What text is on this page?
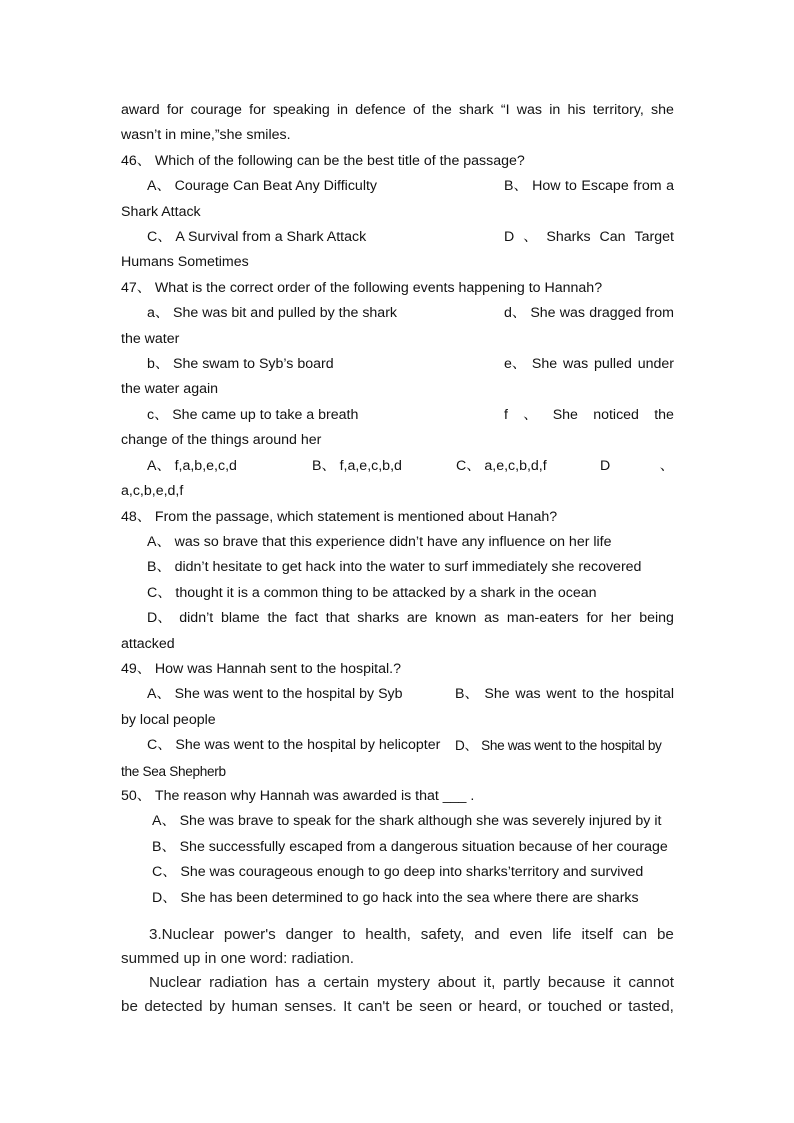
award for courage for speaking in defence of the shark “I was in his territory, she
wasn’t in mine,”she smiles.
46、 Which of the following can be the best title of the passage?
A、 Courage Can Beat Any Difficulty	B、 How to Escape from a
Shark Attack
C、 A Survival from a Shark Attack	D 、 Sharks Can Target
Humans Sometimes
47、 What is the correct order of the following events happening to Hannah?
a、 She was bit and pulled by the shark	d、 She was dragged from
the water
b、 She swam to Syb’s board	e、 She was pulled under
the water again
c、 She came up to take a breath	f 、 She noticed the
change of the things around her
A、 f,a,b,e,c,d	B、 f,a,e,c,b,d	C、 a,e,c,b,d,f	D	、
a,c,b,e,d,f
48、 From the passage, which statement is mentioned about Hanah?
A、 was so brave that this experience didn’t have any influence on her life
B、 didn’t hesitate to get hack into the water to surf immediately she recovered
C、 thought it is a common thing to be attacked by a shark in the ocean
D、 didn’t blame the fact that sharks are known as man-eaters for her being
attacked
49、 How was Hannah sent to the hospital.?
A、 She was went to the hospital by Syb	B、 She was went to the hospital
by local people
C、 She was went to the hospital by helicopter	D、 She was went to the hospital by
the Sea Shepherb
50、 The reason why Hannah was awarded is that ___ .
A、 She was brave to speak for the shark although she was severely injured by it
B、 She successfully escaped from a dangerous situation because of her courage
C、 She was courageous enough to go deep into sharks’territory and survived
D、 She has been determined to go hack into the sea where there are sharks
3.Nuclear power's danger to health, safety, and even life itself can be
summed up in one word: radiation.
Nuclear radiation has a certain mystery about it, partly because it cannot
be detected by human senses. It can't be seen or heard, or touched or tasted,
